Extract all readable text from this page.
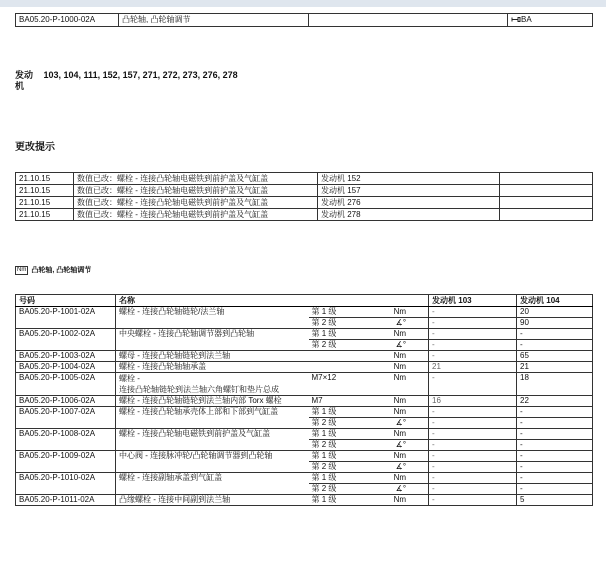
BA05.20-P-1000-02A	凸轮轴, 凸轮轴调节		BA
发动
机
103, 104, 111, 152, 157, 271, 272, 273, 276, 278
更改提示
21.10.15	数值已改：螺栓 - 连接凸轮轴电磁铁到前护盖及气缸盖	发动机 152	
21.10.15	数值已改：螺栓 - 连接凸轮轴电磁铁到前护盖及气缸盖	发动机 157	
21.10.15	数值已改：螺栓 - 连接凸轮轴电磁铁到前护盖及气缸盖	发动机 276	
21.10.15	数值已改：螺栓 - 连接凸轮轴电磁铁到前护盖及气缸盖	发动机 278	
Nm 凸轮轴, 凸轮轴调节
号码	名称			发动机 103	发动机 104
BA05.20-P-1001-02A	螺栓 - 连接凸轮轴链轮/法兰轴	第 1 级	Nm	-	20
		第 2 级	∡°	-	90
BA05.20-P-1002-02A	中央螺栓 - 连接凸轮轴调节器到凸轮轴	第 1 级	Nm	-	-
		第 2 级	∡°	-	-
BA05.20-P-1003-02A	螺母 - 连接凸轮轴链轮到法兰轴		Nm	-	65
BA05.20-P-1004-02A	螺栓 - 连接凸轮轴轴承盖		Nm	21	21
BA05.20-P-1005-02A	螺栓 -
连接凸轮轴链轮到法兰轴六角螺钉和垫片总成	M7×12	Nm	-	18
BA05.20-P-1006-02A	螺栓 - 连接凸轮轴链轮到法兰轴内部 Torx 螺栓	M7	Nm	16	22
BA05.20-P-1007-02A	螺栓 - 连接凸轮轴承壳体上部和下部到气缸盖	第 1 级	Nm	-	-
		第 2 级	∡°	-	-
BA05.20-P-1008-02A	螺栓 - 连接凸轮轴电磁铁到前护盖及气缸盖	第 1 级	Nm	-	-
		第 2 级	∡°	-	-
BA05.20-P-1009-02A	中心阀 - 连接脉冲轮/凸轮轴调节器到凸轮轴	第 1 级	Nm	-	-
		第 2 级	∡°	-	-
BA05.20-P-1010-02A	螺栓 - 连接副轴承盖到气缸盖	第 1 级	Nm	-	-
		第 2 级	∡°	-	-
BA05.20-P-1011-02A	凸缘螺栓 - 连接中间副到法兰轴	第 1 级	Nm	-	5
